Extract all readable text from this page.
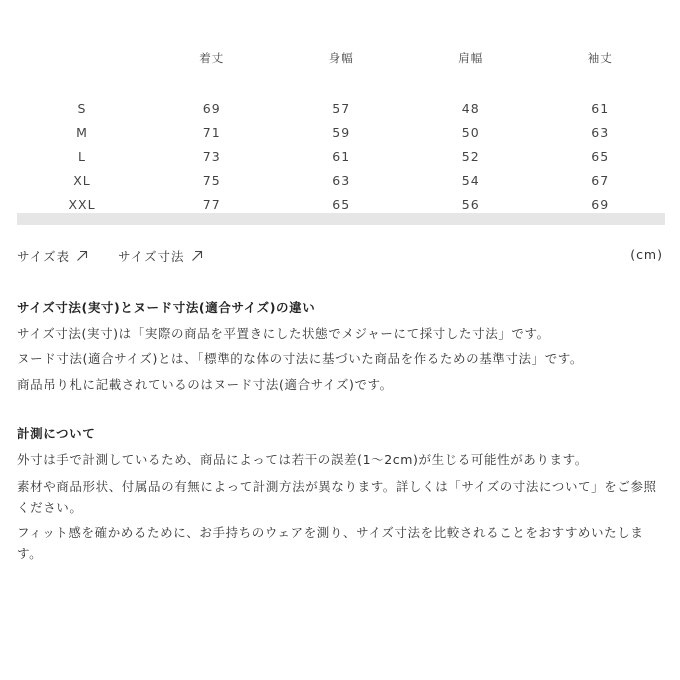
	着丈	身幅	肩幅	袖丈
S	69	57	48	61
M	71	59	50	63
L	73	61	52	65
XL	75	63	54	67
XXL	77	65	56	69
サイズ表	サイズ寸法	(cm)

サイズ寸法(実寸)とヌード寸法(適合サイズ)の違い

サイズ寸法(実寸)は「実際の商品を平置きにした状態でメジャーにて採寸した寸法」です。

ヌード寸法(適合サイズ)とは、「標準的な体の寸法に基づいた商品を作るための基準寸法」です。

商品吊り札に記載されているのはヌード寸法(適合サイズ)です。

計測について

外寸は手で計測しているため、商品によっては若干の誤差(1〜2cm)が生じる可能性があります。

素材や商品形状、付属品の有無によって計測方法が異なります。詳しくは「サイズの寸法について」をご参照ください。

フィット感を確かめるために、お手持ちのウェアを測り、サイズ寸法を比較されることをおすすめいたします。
